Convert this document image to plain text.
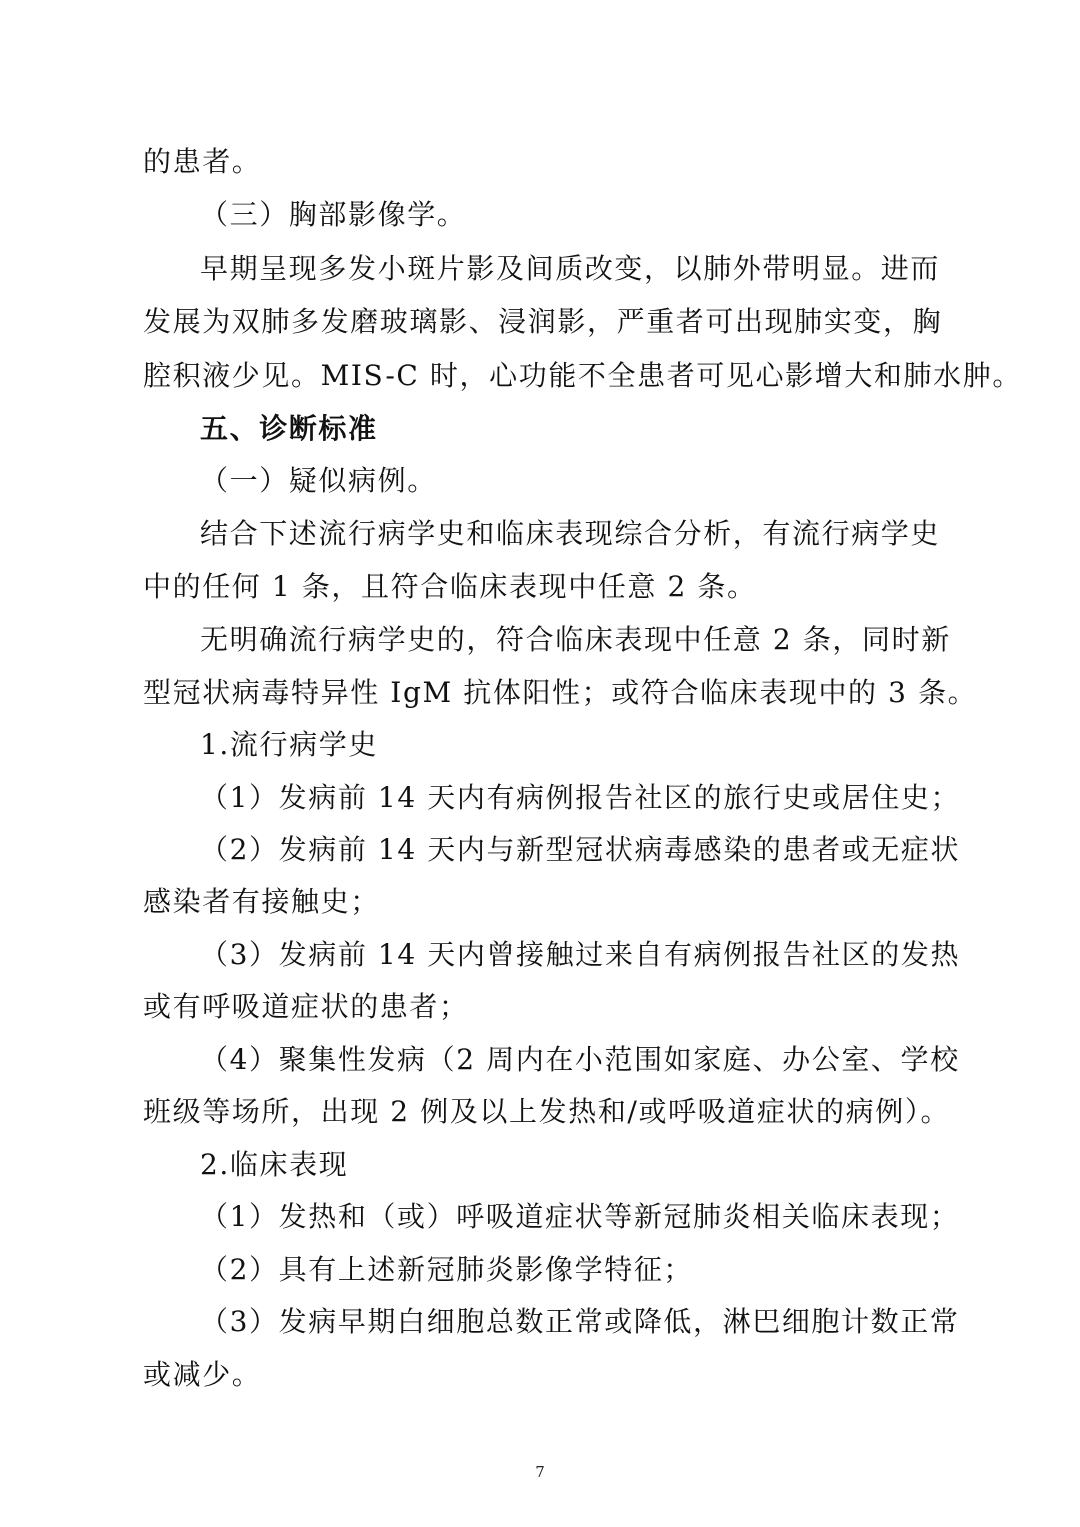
的患者。
（三）胸部影像学。
早期呈现多发小斑片影及间质改变，以肺外带明显。进而
发展为双肺多发磨玻璃影、浸润影，严重者可出现肺实变，胸
腔积液少见。MIS-C 时，心功能不全患者可见心影增大和肺水肿。
五、诊断标准
（一）疑似病例。
结合下述流行病学史和临床表现综合分析，有流行病学史
中的任何 1 条，且符合临床表现中任意 2 条。
无明确流行病学史的，符合临床表现中任意 2 条，同时新
型冠状病毒特异性 IgM 抗体阳性；或符合临床表现中的 3 条。
1.流行病学史
（1）发病前 14 天内有病例报告社区的旅行史或居住史；
（2）发病前 14 天内与新型冠状病毒感染的患者或无症状
感染者有接触史；
（3）发病前 14 天内曾接触过来自有病例报告社区的发热
或有呼吸道症状的患者；
（4）聚集性发病（2 周内在小范围如家庭、办公室、学校
班级等场所，出现 2 例及以上发热和/或呼吸道症状的病例）。
2.临床表现
（1）发热和（或）呼吸道症状等新冠肺炎相关临床表现；
（2）具有上述新冠肺炎影像学特征；
（3）发病早期白细胞总数正常或降低，淋巴细胞计数正常
或减少。
7
